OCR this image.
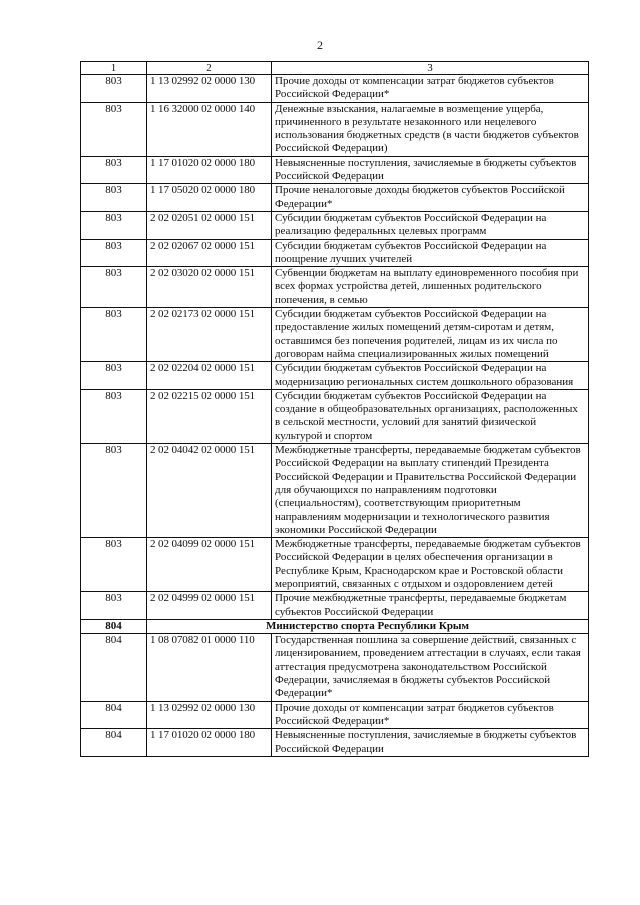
2
1	2	3
803	1 13 02992 02 0000 130	Прочие доходы от компенсации затрат бюджетов субъектов Российской Федерации*
803	1 16 32000 02 0000 140	Денежные взыскания, налагаемые в возмещение ущерба, причиненного в результате незаконного или нецелевого использования бюджетных средств (в части бюджетов субъектов Российской Федерации)
803	1 17 01020 02 0000 180	Невыясненные поступления, зачисляемые в бюджеты субъектов Российской Федерации
803	1 17 05020 02 0000 180	Прочие неналоговые доходы бюджетов субъектов Российской Федерации*
803	2 02 02051 02 0000 151	Субсидии бюджетам субъектов Российской Федерации на реализацию федеральных целевых программ
803	2 02 02067 02 0000 151	Субсидии бюджетам субъектов Российской Федерации на поощрение лучших учителей
803	2 02 03020 02 0000 151	Субвенции бюджетам на выплату единовременного пособия при всех формах устройства детей, лишенных родительского попечения, в семью
803	2 02 02173 02 0000 151	Субсидии бюджетам субъектов Российской Федерации на предоставление жилых помещений детям-сиротам и детям, оставшимся без попечения родителей, лицам из их числа по договорам найма специализированных жилых помещений
803	2 02 02204 02 0000 151	Субсидии бюджетам субъектов Российской Федерации на модернизацию региональных систем дошкольного образования
803	2 02 02215 02 0000 151	Субсидии бюджетам субъектов Российской Федерации на создание в общеобразовательных организациях, расположенных в сельской местности, условий для занятий физической культурой и спортом
803	2 02 04042 02 0000 151	Межбюджетные трансферты, передаваемые бюджетам субъектов Российской Федерации на выплату стипендий Президента Российской Федерации и Правительства Российской Федерации для обучающихся по направлениям подготовки (специальностям), соответствующим приоритетным направлениям модернизации и технологического развития экономики Российской Федерации
803	2 02 04099 02 0000 151	Межбюджетные трансферты, передаваемые бюджетам субъектов Российской Федерации в целях обеспечения организации в Республике Крым, Краснодарском крае и Ростовской области мероприятий, связанных с отдыхом и оздоровлением детей
803	2 02 04999 02 0000 151	Прочие межбюджетные трансферты, передаваемые бюджетам субъектов Российской Федерации
804	Министерство спорта Республики Крым	
804	1 08 07082 01 0000 110	Государственная пошлина за совершение действий, связанных с лицензированием, проведением аттестации в случаях, если такая аттестация предусмотрена законодательством Российской Федерации, зачисляемая в бюджеты субъектов Российской Федерации*
804	1 13 02992 02 0000 130	Прочие доходы от компенсации затрат бюджетов субъектов Российской Федерации*
804	1 17 01020 02 0000 180	Невыясненные поступления, зачисляемые в бюджеты субъектов Российской Федерации
